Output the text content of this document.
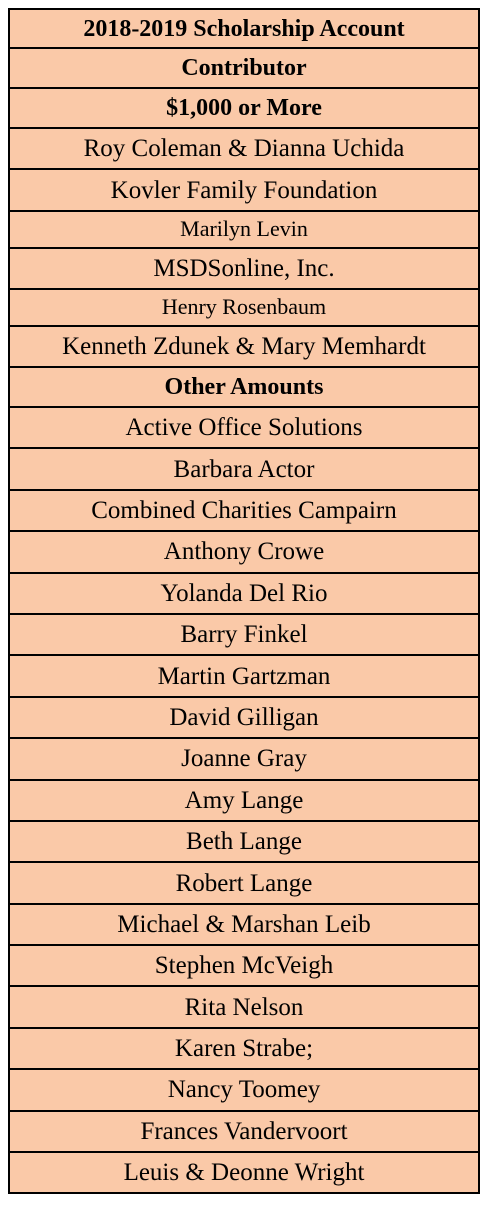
2018-2019 Scholarship Account
Contributor
$1,000 or More
Roy Coleman & Dianna Uchida
Kovler Family Foundation
Marilyn Levin
MSDSonline, Inc.
Henry Rosenbaum
Kenneth Zdunek & Mary Memhardt
Other Amounts
Active Office Solutions
Barbara Actor
Combined Charities Campairn
Anthony Crowe
Yolanda Del Rio
Barry Finkel
Martin Gartzman
David Gilligan
Joanne Gray
Amy Lange
Beth Lange
Robert Lange
Michael & Marshan Leib
Stephen McVeigh
Rita Nelson
Karen Strabe;
Nancy Toomey
Frances Vandervoort
Leuis & Deonne Wright
